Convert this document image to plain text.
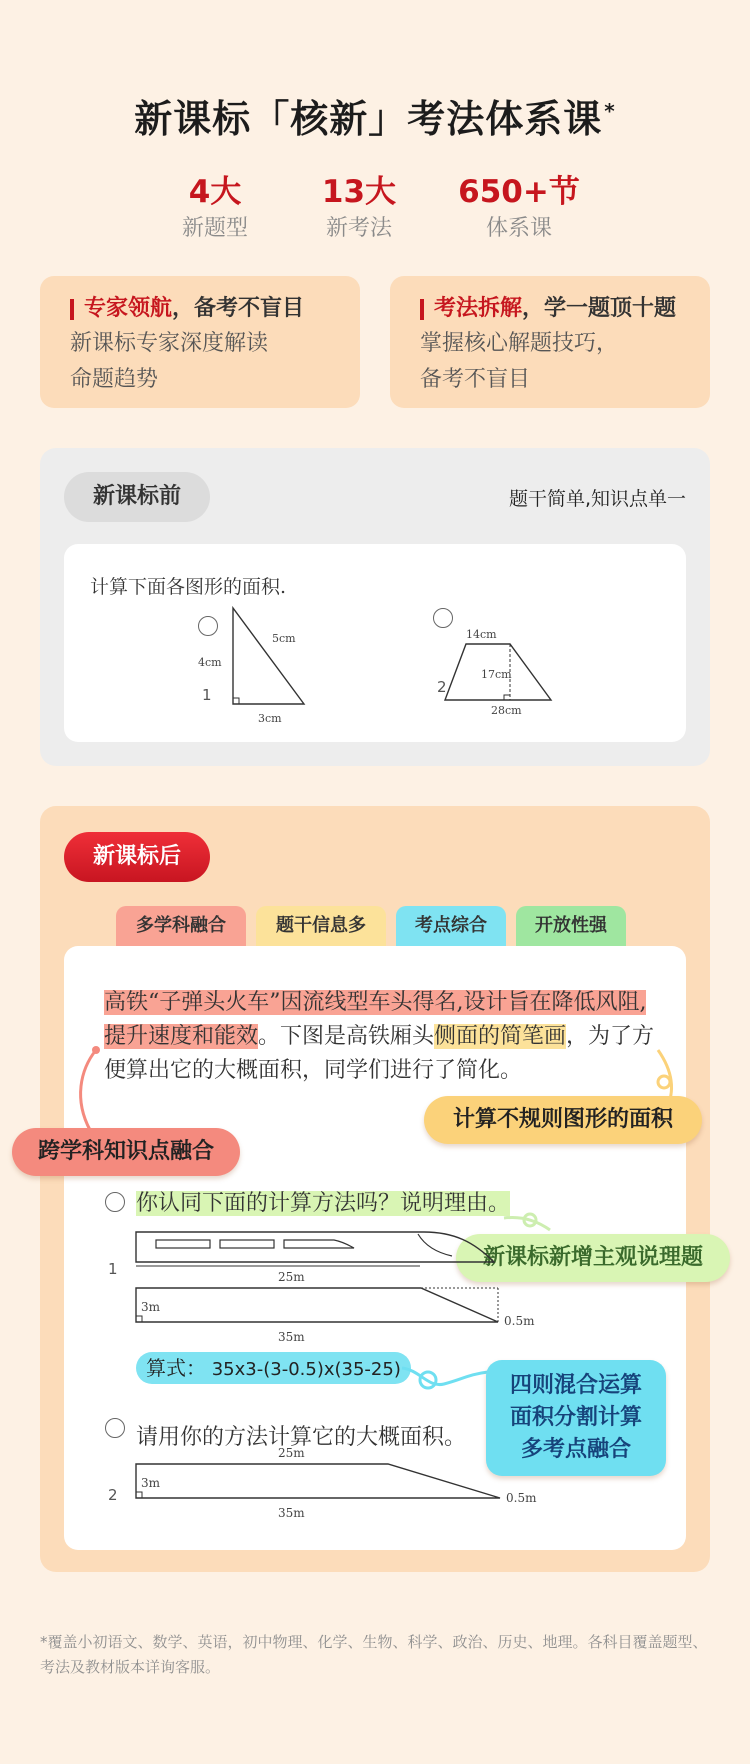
新课标「核新」考法体系课 *
4大
新题型
13大
新考法
650+节
体系课
专家领航，备考不盲目
新课标专家深度解读
命题趋势
考法拆解，学一题顶十题
掌握核心解题技巧，
备考不盲目
新课标前	题干简单,知识点单一
计算下面各图形的面积.
4cm
3cm
5cm
1
14cm
17cm
28cm
2
新课标后
多学科融合	题干信息多	考点综合	开放性强
高铁“子弹头火车”因流线型车头得名,设计旨在降低风阻,提升速度和能效。下图是高铁厢头侧面的简笔画，为了方便算出它的大概面积，同学们进行了简化。
跨学科知识点融合
计算不规则图形的面积
你认同下面的计算方法吗？说明理由。
新课标新增主观说理题
1	25m
3m
0.5m
35m
算式： 35x3-(3-0.5)x(35-25)
四则混合运算
面积分割计算
多考点融合
请用你的方法计算它的大概面积。
25m
2
3m
0.5m
35m
*覆盖小初语文、数学、英语，初中物理、化学、生物、科学、政治、历史、地理。各科目覆盖题型、考法及教材版本详询客服。
